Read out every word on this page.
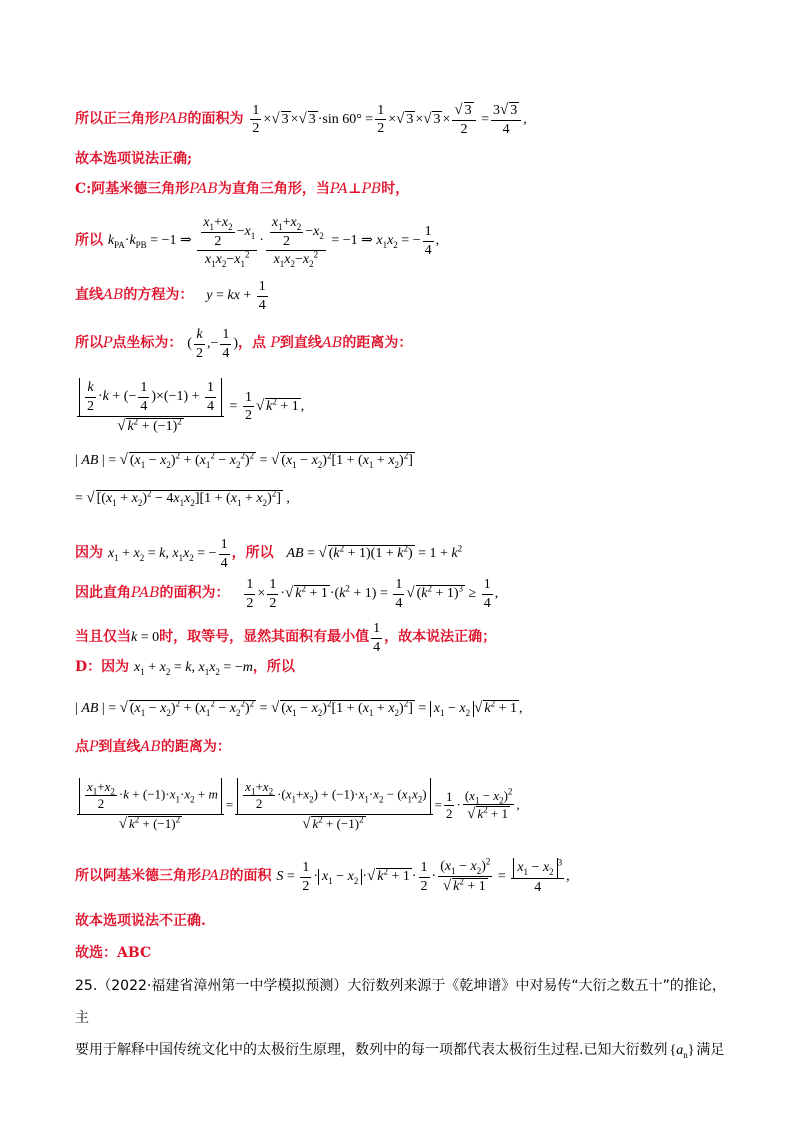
所以正三角形PAB的面积为 $\frac{1}{2}$ ×√ 3 ×√ 3 ·sin $60^\circ = \frac{1}{2}$ ×√ 3 ×√ $3 \times \frac{√ 3}{2} = \frac{3√ 3}{4}$ ,
故本选项说法正确;
C:阿基米德三角形PAB为直角三角形，当PA⊥PB时，
所以 $k_{PA}\cdot k_{PB} = -1$ ⇒ $\frac{\frac{x_1+x_2}{2} -x_1}{x_1x_2-x_1^2} \cdot \frac{\frac{x_1+x_2}{2} -x_2}{x_1x_2-x_2^2} = -1$ ⇒ $x_1x_2$ = − $\frac{1}{4}$ ,
直线AB的方程为： y = kx + $\frac{1}{4}$
所以P点坐标为： ( $\frac{k}{2}$ ,− $\frac{1}{4}$ )，点 P到直线AB的距离为：
$\frac{\frac{k}{2} \cdot k + (- \frac{1}{4} )\times(-1) + \frac{1}{4}}{√ k^2 + (-1)^2} = \frac{1}{2}$ √ $k^2 + 1$ ,
| AB | = √ $(x_1 - x_2)^2 + (x_1^2 - x_2^2)^2$ = √ $(x_1 - x_2)^2[1 + (x_1 + x_2)^2]$
= √ $[(x_1 + x_2)^2 - 4x_1x_2][1 + (x_1 + x_2)^2]$ ,
因为 $x_1 + x_2 = k$, $x_1x_2$ = − $\frac{1}{4}$ ，所以 AB = √ $(k^2 + 1)(1 + k^2) = 1 + k^2$
因此直角PAB的面积为： $\frac{1}{2} \times \frac{1}{2}$ ·√ $k^2 + 1 \cdot(k^2 + 1) = \frac{1}{4}$ √ $(k^2 + 1)^3 \ge \frac{1}{4}$ ,
当且仅当k = 0时，取等号，显然其面积有最小值 $\frac{1}{4}$ ，故本说法正确；
D：因为 $x_1 + x_2 = k$, $x_1x_2 = -m$，所以
| AB | = √ $(x_1 - x_2)^2 + (x_1^2 - x_2^2)^2$ = √ $(x_1 - x_2)^2[1 + (x_1 + x_2)^2] = x_1 - x_2$ √ $k^2 + 1$ ,
点P到直线AB的距离为：
$\frac{\frac{x_1+x_2}{2} \cdot k + (-1)\cdot x_1\cdot x_2 + m}{√ k^2 + (-1)^2} = \frac{\frac{x_1+x_2}{2} \cdot(x_1+x_2) + (-1)\cdot x_1\cdot x_2 - (x_1x_2)}{√ k^2 + (-1)^2} = \frac{1}{2} \cdot \frac{(x_1 - x_2)^2}{√ k^2 + 1}$ ,
所以阿基米德三角形PAB的面积 $S = \frac{1}{2} \cdot x_1 - x_2$ ·√ $k^2 + 1 \cdot \frac{1}{2} \cdot \frac{(x_1 - x_2)^2}{√ k^2 + 1} = \frac{x_1 - x_2^3}{4}$ ,
故本选项说法不正确.
故选：ABC
25.（2022·福建省漳州第一中学模拟预测）大衍数列来源于《乾坤谱》中对易传“大衍之数五十”的推论，主
要用于解释中国传统文化中的太极衍生原理，数列中的每一项都代表太极衍生过程.已知大衍数列 $\{a_n\}$ 满足
